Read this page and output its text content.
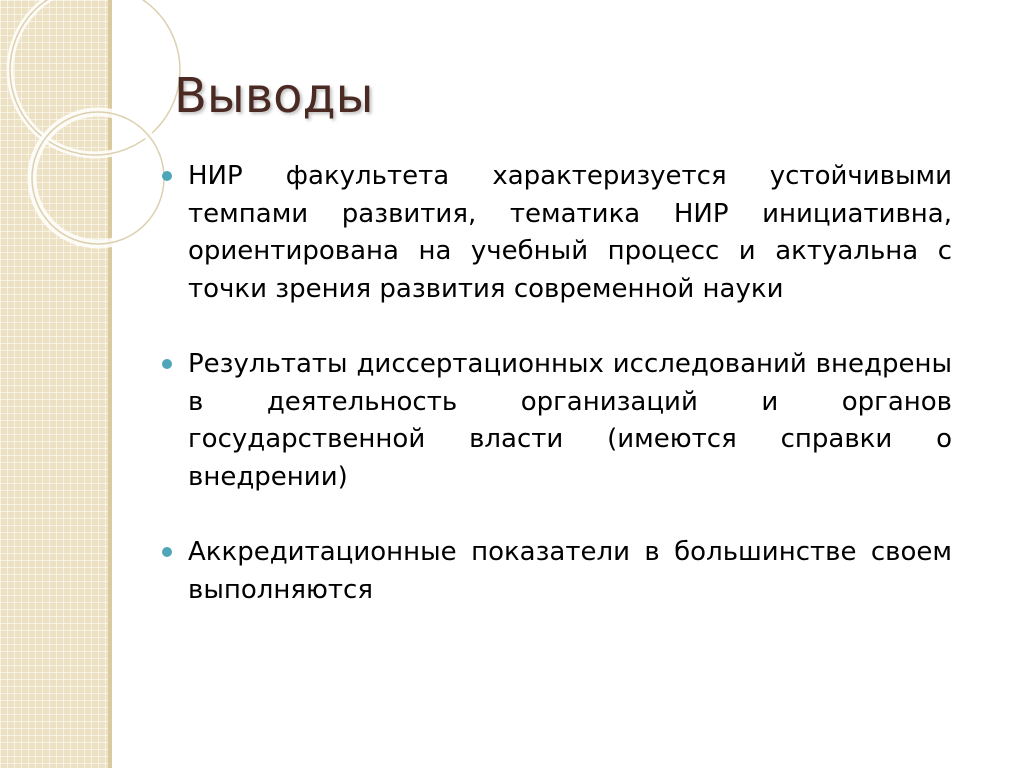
Выводы
НИР факультета характеризуется устойчивыми темпами развития, тематика НИР инициативна, ориентирована на учебный процесс и актуальна с точки зрения развития современной науки
Результаты диссертационных исследований внедрены в деятельность организаций и органов государственной власти (имеются справки о внедрении)
Аккредитационные показатели в большинстве своем выполняются
